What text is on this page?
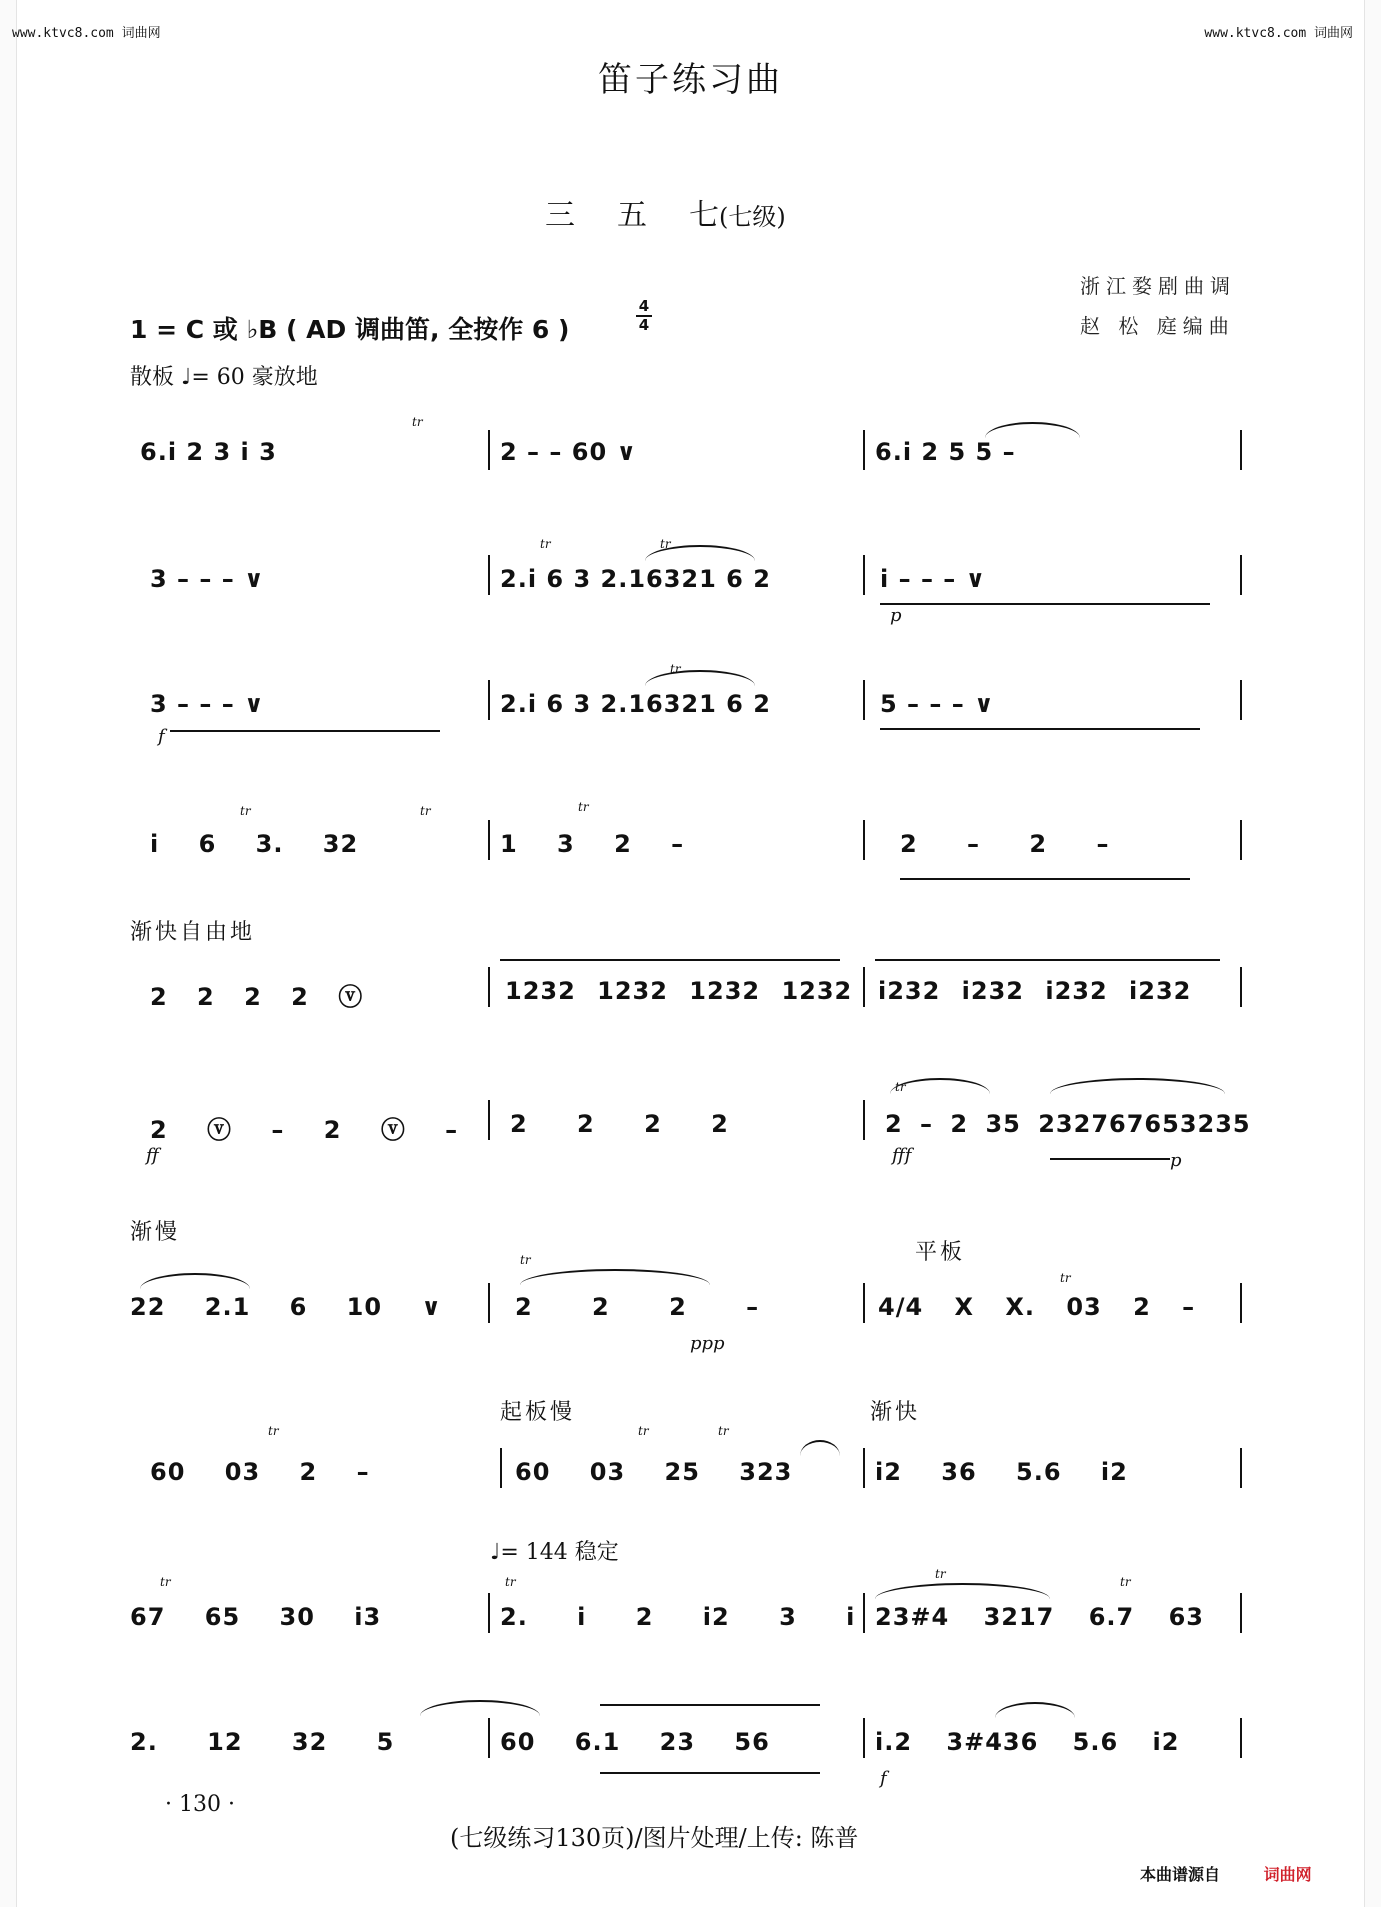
www.ktvc8.com 词曲网	www.ktvc8.com 词曲网
笛子练习曲
三 五 七(七级)
浙江婺剧曲调
赵 松 庭编曲
1 = C 或 ♭B ( AD 调曲笛, 全按作 6 )
4
4
散板 ♩= 60 豪放地
6.i 2 3 i 3	2 – – 60 ∨	6.i 2 5 5 –
tr
3 – – – ∨	2.i 6 3 2.16321 6 2	i – – – ∨
tr	tr
p
3 – – – ∨	2.i 6 3 2.16321 6 2	5 – – – ∨
tr
f
i 6 3. 32	1 3 2 –	2 – 2 –
tr	tr	tr
渐快自由地
2 2 2 2 ⓥ	1232 1232 1232 1232 i232 i232 i232 i232
2 ⓥ – 2 ⓥ – 2 2 2 2	2 – 2 35 232767653235
ff	fff	p
tr
渐慢
平板
22 2.1 6 10 ∨	2 2 2 –	4/4 X X. 03 2 –
tr
ppp
tr
起板慢	渐快
60 03 2 –	60 03 25 323	i2 36 5.6 i2
tr	tr	tr
♩= 144 稳定
67 65 30 i3	2. i 2 i2 3 i 23#4 3217 6.7 63
tr	tr
tr
tr
2. 12 32 5	60 6.1 23 56	i.2 3#436 5.6 i2
f
· 130 ·
(七级练习130页)/图片处理/上传: 陈普
本曲谱源自	词曲网
